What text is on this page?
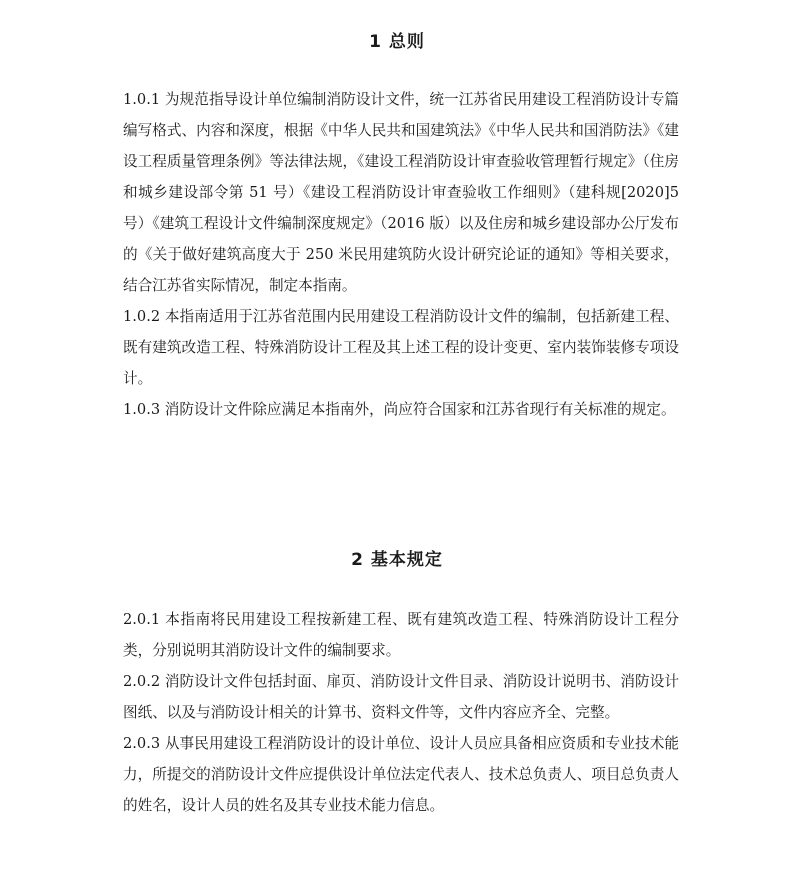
1 总则

1.0.1 为规范指导设计单位编制消防设计文件，统一江苏省民用建设工程消防设计专篇编写格式、内容和深度，根据《中华人民共和国建筑法》《中华人民共和国消防法》《建设工程质量管理条例》等法律法规，《建设工程消防设计审查验收管理暂行规定》（住房和城乡建设部令第 51 号）《建设工程消防设计审查验收工作细则》（建科规[2020]5 号）《建筑工程设计文件编制深度规定》（2016 版）以及住房和城乡建设部办公厅发布的《关于做好建筑高度大于 250 米民用建筑防火设计研究论证的通知》等相关要求，结合江苏省实际情况，制定本指南。

1.0.2 本指南适用于江苏省范围内民用建设工程消防设计文件的编制，包括新建工程、既有建筑改造工程、特殊消防设计工程及其上述工程的设计变更、室内装饰装修专项设计。

1.0.3 消防设计文件除应满足本指南外，尚应符合国家和江苏省现行有关标准的规定。

2 基本规定

2.0.1 本指南将民用建设工程按新建工程、既有建筑改造工程、特殊消防设计工程分类，分别说明其消防设计文件的编制要求。

2.0.2 消防设计文件包括封面、扉页、消防设计文件目录、消防设计说明书、消防设计图纸、以及与消防设计相关的计算书、资料文件等，文件内容应齐全、完整。

2.0.3 从事民用建设工程消防设计的设计单位、设计人员应具备相应资质和专业技术能力，所提交的消防设计文件应提供设计单位法定代表人、技术总负责人、项目总负责人的姓名，设计人员的姓名及其专业技术能力信息。
